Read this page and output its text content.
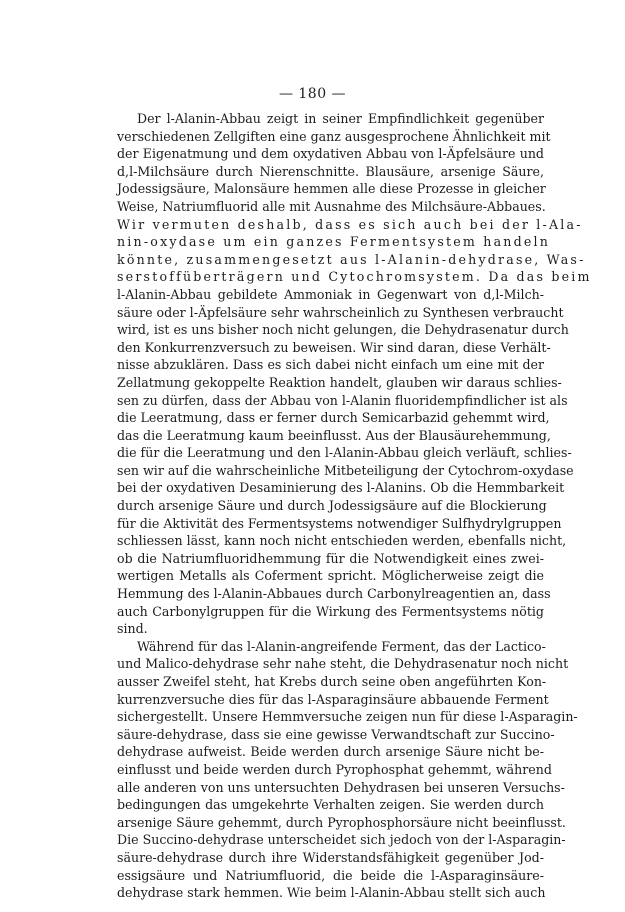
— 180 —
Der l-Alanin-Abbau zeigt in seiner Empfindlichkeit gegenüber
verschiedenen Zellgiften eine ganz ausgesprochene Ähnlichkeit mit
der Eigenatmung und dem oxydativen Abbau von l-Äpfelsäure und
d,l-Milchsäure durch Nierenschnitte. Blausäure, arsenige Säure,
Jodessigsäure, Malonsäure hemmen alle diese Prozesse in gleicher
Weise, Natriumfluorid alle mit Ausnahme des Milchsäure-Abbaues.
Wir vermuten deshalb, dass es sich auch bei der l-Ala-
nin-oxydase um ein ganzes Fermentsystem handeln
könnte, zusammengesetzt aus l-Alanin-dehydrase, Was-
serstoffüberträgern und Cytochromsystem. Da das beim
l-Alanin-Abbau gebildete Ammoniak in Gegenwart von d,l-Milch-
säure oder l-Äpfelsäure sehr wahrscheinlich zu Synthesen verbraucht
wird, ist es uns bisher noch nicht gelungen, die Dehydrasenatur durch
den Konkurrenzversuch zu beweisen. Wir sind daran, diese Verhält-
nisse abzuklären. Dass es sich dabei nicht einfach um eine mit der
Zellatmung gekoppelte Reaktion handelt, glauben wir daraus schlies-
sen zu dürfen, dass der Abbau von l-Alanin fluoridempfindlicher ist als
die Leeratmung, dass er ferner durch Semicarbazid gehemmt wird,
das die Leeratmung kaum beeinflusst. Aus der Blausäurehemmung,
die für die Leeratmung und den l-Alanin-Abbau gleich verläuft, schlies-
sen wir auf die wahrscheinliche Mitbeteiligung der Cytochrom-oxydase
bei der oxydativen Desaminierung des l-Alanins. Ob die Hemmbarkeit
durch arsenige Säure und durch Jodessigsäure auf die Blockierung
für die Aktivität des Fermentsystems notwendiger Sulfhydrylgruppen
schliessen lässt, kann noch nicht entschieden werden, ebenfalls nicht,
ob die Natriumfluoridhemmung für die Notwendigkeit eines zwei-
wertigen Metalls als Coferment spricht. Möglicherweise zeigt die
Hemmung des l-Alanin-Abbaues durch Carbonylreagentien an, dass
auch Carbonylgruppen für die Wirkung des Fermentsystems nötig
sind.
Während für das l-Alanin-angreifende Ferment, das der Lactico-
und Malico-dehydrase sehr nahe steht, die Dehydrasenatur noch nicht
ausser Zweifel steht, hat Krebs durch seine oben angeführten Kon-
kurrenzversuche dies für das l-Asparaginsäure abbauende Ferment
sichergestellt. Unsere Hemmversuche zeigen nun für diese l-Asparagin-
säure-dehydrase, dass sie eine gewisse Verwandtschaft zur Succino-
dehydrase aufweist. Beide werden durch arsenige Säure nicht be-
einflusst und beide werden durch Pyrophosphat gehemmt, während
alle anderen von uns untersuchten Dehydrasen bei unseren Versuchs-
bedingungen das umgekehrte Verhalten zeigen. Sie werden durch
arsenige Säure gehemmt, durch Pyrophosphorsäure nicht beeinflusst.
Die Succino-dehydrase unterscheidet sich jedoch von der l-Asparagin-
säure-dehydrase durch ihre Widerstandsfähigkeit gegenüber Jod-
essigsäure und Natriumfluorid, die beide die l-Asparaginsäure-
dehydrase stark hemmen. Wie beim l-Alanin-Abbau stellt sich auch
